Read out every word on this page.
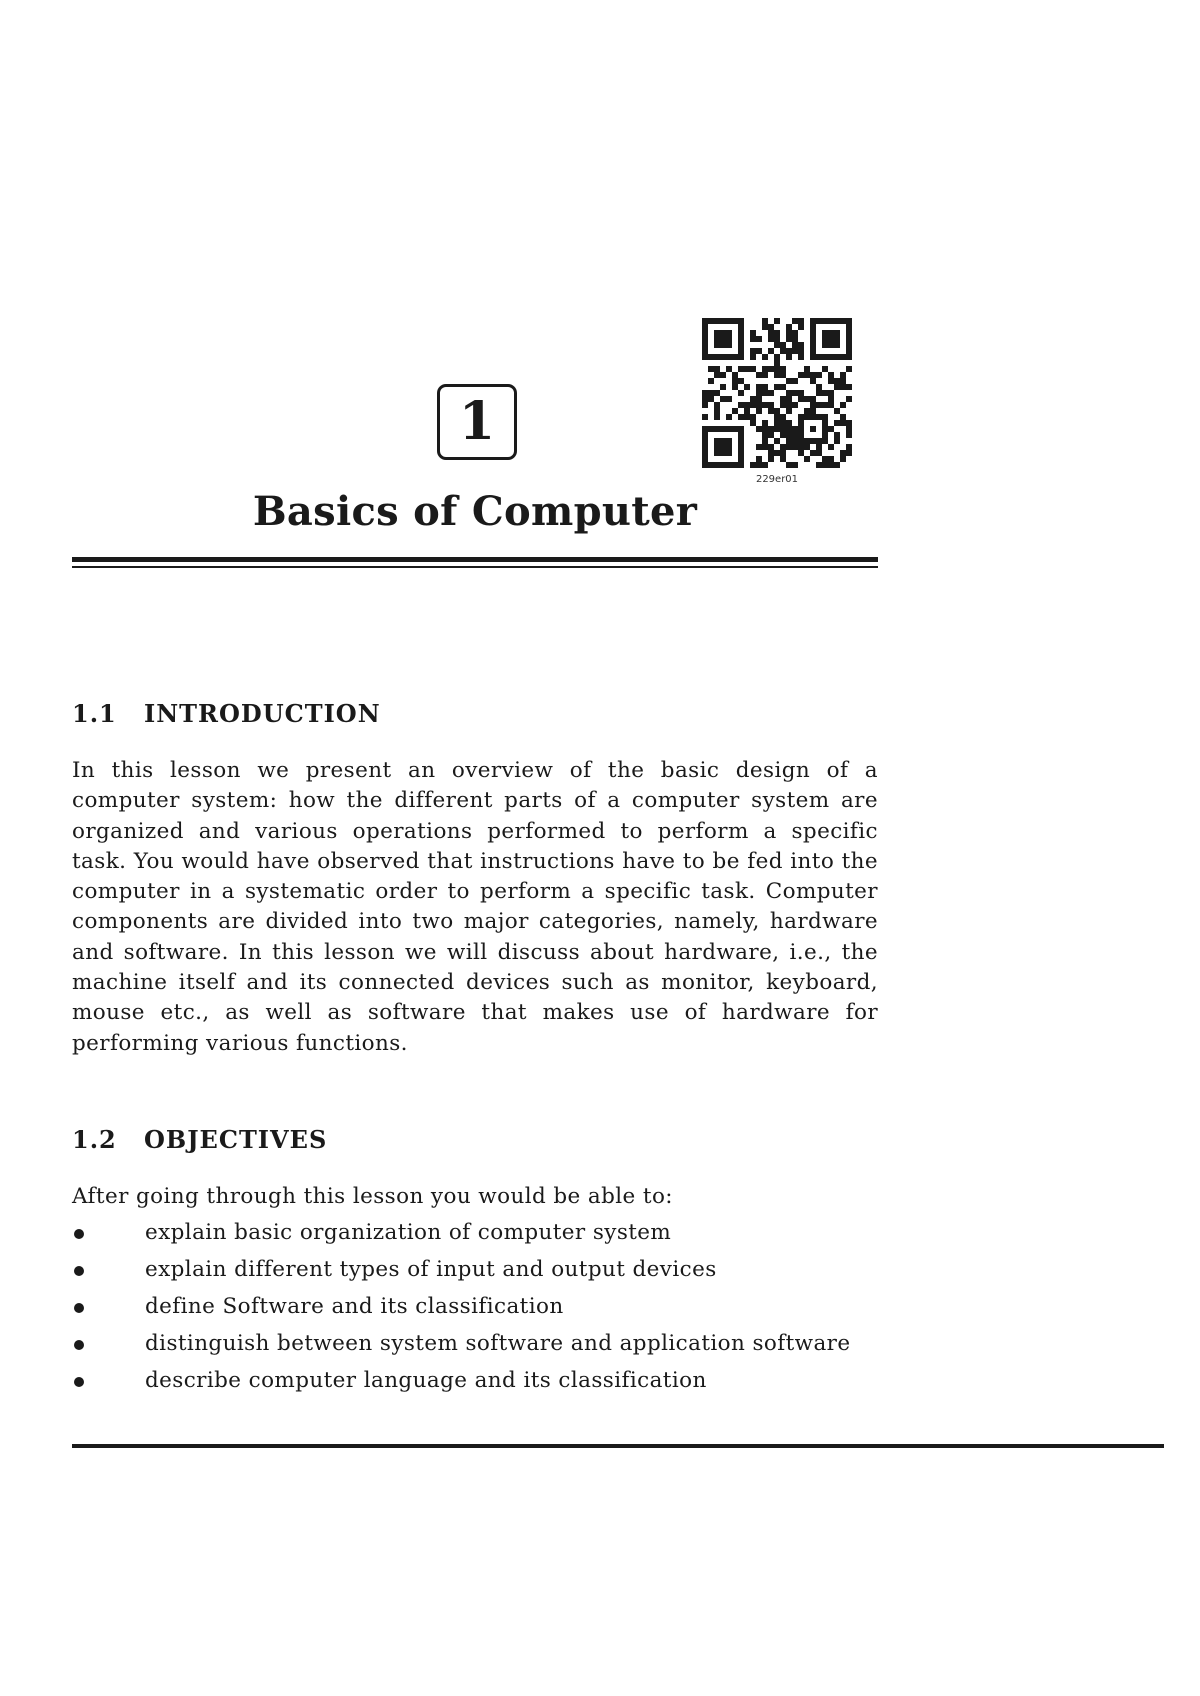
1
229er01
Basics of Computer
1.1 INTRODUCTION

In this lesson we present an overview of the basic design of a computer system: how the different parts of a computer system are organized and various operations performed to perform a specific task. You would have observed that instructions have to be fed into the computer in a systematic order to perform a specific task. Computer components are divided into two major categories, namely, hardware and software. In this lesson we will discuss about hardware, i.e., the machine itself and its connected devices such as monitor, keyboard, mouse etc., as well as software that makes use of hardware for performing various functions.

1.2 OBJECTIVES

After going through this lesson you would be able to:

explain basic organization of computer system
explain different types of input and output devices
define Software and its classification
distinguish between system software and application software
describe computer language and its classification
